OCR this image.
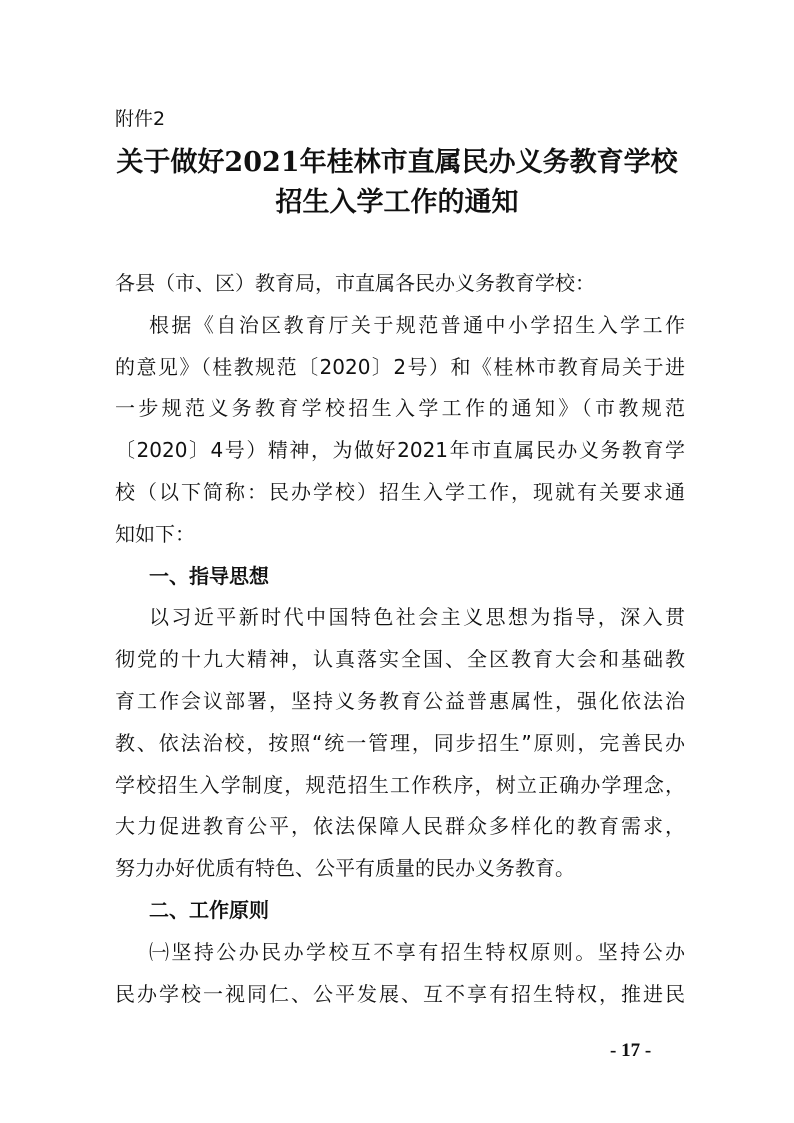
附件2
关于做好2021年桂林市直属民办义务教育学校
招生入学工作的通知
各县（市、区）教育局，市直属各民办义务教育学校：
根据《自治区教育厅关于规范普通中小学招生入学工作
的意见》（桂教规范〔2020〕2号）和《桂林市教育局关于进
一步规范义务教育学校招生入学工作的通知》（市教规范
〔2020〕4号）精神，为做好2021年市直属民办义务教育学
校（以下简称：民办学校）招生入学工作，现就有关要求通
知如下：
一、指导思想
以习近平新时代中国特色社会主义思想为指导，深入贯
彻党的十九大精神，认真落实全国、全区教育大会和基础教
育工作会议部署，坚持义务教育公益普惠属性，强化依法治
教、依法治校，按照“统一管理，同步招生”原则，完善民办
学校招生入学制度，规范招生工作秩序，树立正确办学理念，
大力促进教育公平，依法保障人民群众多样化的教育需求，
努力办好优质有特色、公平有质量的民办义务教育。
二、工作原则
㈠坚持公办民办学校互不享有招生特权原则。坚持公办
民办学校一视同仁、公平发展、互不享有招生特权，推进民
- 17 -
